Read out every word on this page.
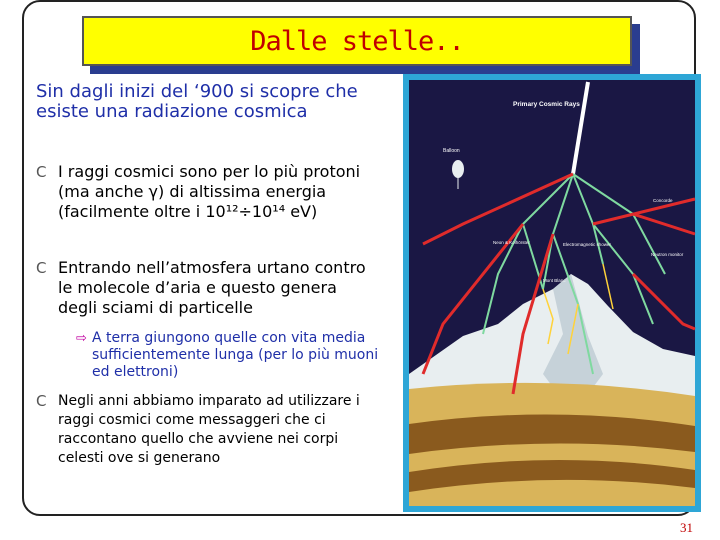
Dalle stelle..
Sin dagli inizi del ‘900 si scopre che esiste una radiazione cosmica
C I raggi cosmici sono per lo più protoni (ma anche γ) di altissima energia (facilmente oltre i 10¹²÷10¹⁴ eV)
C Entrando nell’atmosfera urtano contro le molecole d’aria e questo genera degli sciami di particelle
⇨ A terra giungono quelle con vita media sufficientemente lunga (per lo più muoni ed elettroni)
C Negli anni abbiamo imparato ad utilizzare i raggi cosmici come messaggeri che ci raccontano quello che avviene nei corpi celesti ove si generano
Primary Cosmic Rays
Balloon
Neon & Kolhörster	Electromagnetic shower
Mont Blanc
Concorde
Neutron monitor
31
